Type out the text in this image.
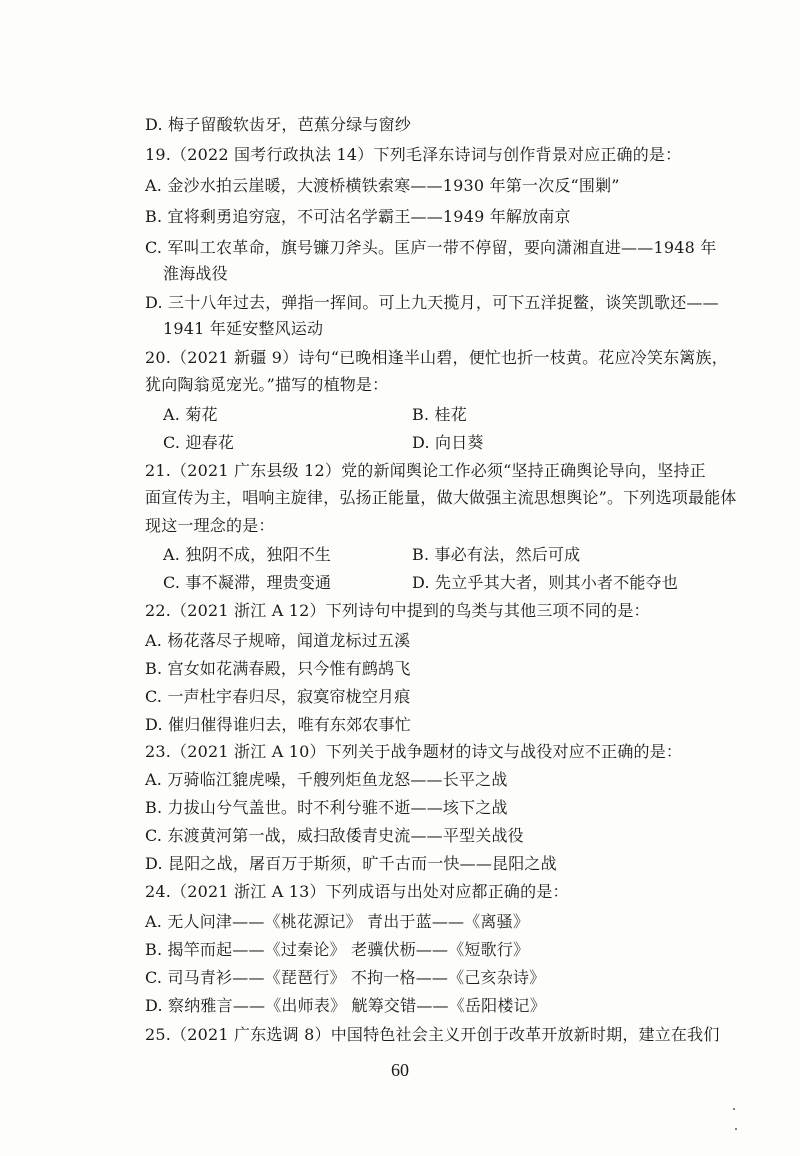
D. 梅子留酸软齿牙，芭蕉分绿与窗纱
19.（2022 国考行政执法 14）下列毛泽东诗词与创作背景对应正确的是：
A. 金沙水拍云崖暖，大渡桥横铁索寒——1930 年第一次反“围剿”
B. 宜将剩勇追穷寇，不可沽名学霸王——1949 年解放南京
C. 军叫工农革命，旗号镰刀斧头。匡庐一带不停留，要向潇湘直进——1948 年
淮海战役
D. 三十八年过去，弹指一挥间。可上九天揽月，可下五洋捉鳖，谈笑凯歌还——
1941 年延安整风运动
20.（2021 新疆 9）诗句“已晚相逢半山碧，便忙也折一枝黄。花应冷笑东篱族，
犹向陶翁觅宠光。”描写的植物是：
A. 菊花	B. 桂花
C. 迎春花	D. 向日葵
21.（2021 广东县级 12）党的新闻舆论工作必须“坚持正确舆论导向，坚持正
面宣传为主，唱响主旋律，弘扬正能量，做大做强主流思想舆论”。下列选项最能体
现这一理念的是：
A. 独阴不成，独阳不生	B. 事必有法，然后可成
C. 事不凝滞，理贵变通	D. 先立乎其大者，则其小者不能夺也
22.（2021 浙江 A 12）下列诗句中提到的鸟类与其他三项不同的是：
A. 杨花落尽子规啼，闻道龙标过五溪
B. 宫女如花满春殿，只今惟有鹧鸪飞
C. 一声杜宇春归尽，寂寞帘栊空月痕
D. 催归催得谁归去，唯有东郊农事忙
23.（2021 浙江 A 10）下列关于战争题材的诗文与战役对应不正确的是：
A. 万骑临江貔虎噪，千艘列炬鱼龙怒——长平之战
B. 力拔山兮气盖世。时不利兮骓不逝——垓下之战
C. 东渡黄河第一战，威扫敌倭青史流——平型关战役
D. 昆阳之战，屠百万于斯须，旷千古而一快——昆阳之战
24.（2021 浙江 A 13）下列成语与出处对应都正确的是：
A. 无人问津——《桃花源记》 青出于蓝——《离骚》
B. 揭竿而起——《过秦论》 老骥伏枥——《短歌行》
C. 司马青衫——《琵琶行》 不拘一格——《己亥杂诗》
D. 察纳雅言——《出师表》 觥筹交错——《岳阳楼记》
25.（2021 广东选调 8）中国特色社会主义开创于改革开放新时期，建立在我们
60
